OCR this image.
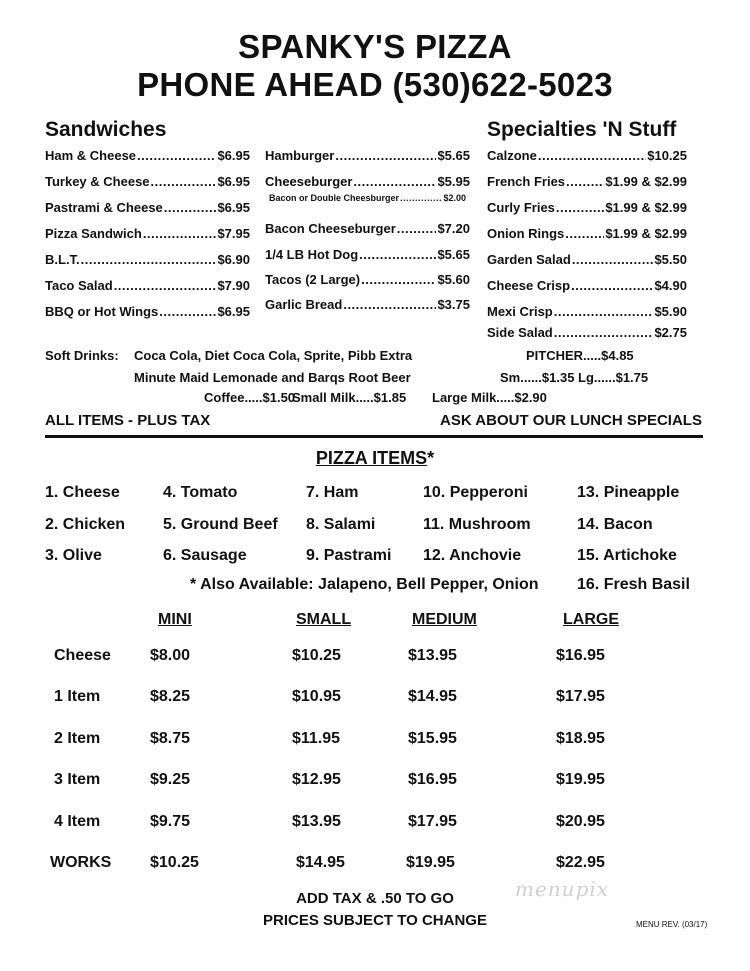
SPANKY'S PIZZA
PHONE AHEAD (530)622-5023
Sandwiches
Ham & Cheese .....	$6.95
Turkey & Cheese .....	$6.95
Pastrami & Cheese .....	$6.95
Pizza Sandwich .....	$7.95
B.L.T. .....	$6.90
Taco Salad .....	$7.90
BBQ or Hot Wings .....	$6.95
Hamburger .....	$5.65
Cheeseburger .....	$5.95
Bacon or Double Cheesburger .....	$2.00
Bacon Cheeseburger .....	$7.20
1/4 LB Hot Dog .....	$5.65
Tacos (2 Large) .....	$5.60
Garlic Bread .....	$3.75
Specialties 'N Stuff
Calzone .....	$10.25
French Fries .....	$1.99 & $2.99
Curly Fries .....	$1.99 & $2.99
Onion Rings .....	$1.99 & $2.99
Garden Salad .....	$5.50
Cheese Crisp .....	$4.90
Mexi Crisp .....	$5.90
Side Salad .....	$2.75
Soft Drinks: Coca Cola, Diet Coca Cola, Sprite, Pibb Extra
Minute Maid Lemonade and Barqs Root Beer
PITCHER.....$4.85
Sm......$1.35 Lg......$1.75
Coffee.....$1.50
Small Milk.....$1.85 Large Milk.....$2.90
ALL ITEMS - PLUS TAX	ASK ABOUT OUR LUNCH SPECIALS
PIZZA ITEMS*
1. Cheese	4. Tomato	7. Ham	10. Pepperoni	13. Pineapple
2. Chicken 5. Ground Beef 8. Salami	11. Mushroom	14. Bacon
3. Olive	6. Sausage	9. Pastrami 12. Anchovie	15. Artichoke
* Also Available: Jalapeno, Bell Pepper, Onion 16. Fresh Basil
MINI	SMALL	MEDIUM	LARGE
Cheese $8.00	$10.25	$13.95	$16.95
1 Item	$8.25	$10.95	$14.95	$17.95
2 Item	$8.75	$11.95	$15.95	$18.95
3 Item	$9.25	$12.95	$16.95	$19.95
4 Item	$9.75	$13.95	$17.95	$20.95
WORKS $10.25	$14.95	$19.95	$22.95
ADD TAX & .50 TO GO
PRICES SUBJECT TO CHANGE	MENU REV. (03/17)
menupix
